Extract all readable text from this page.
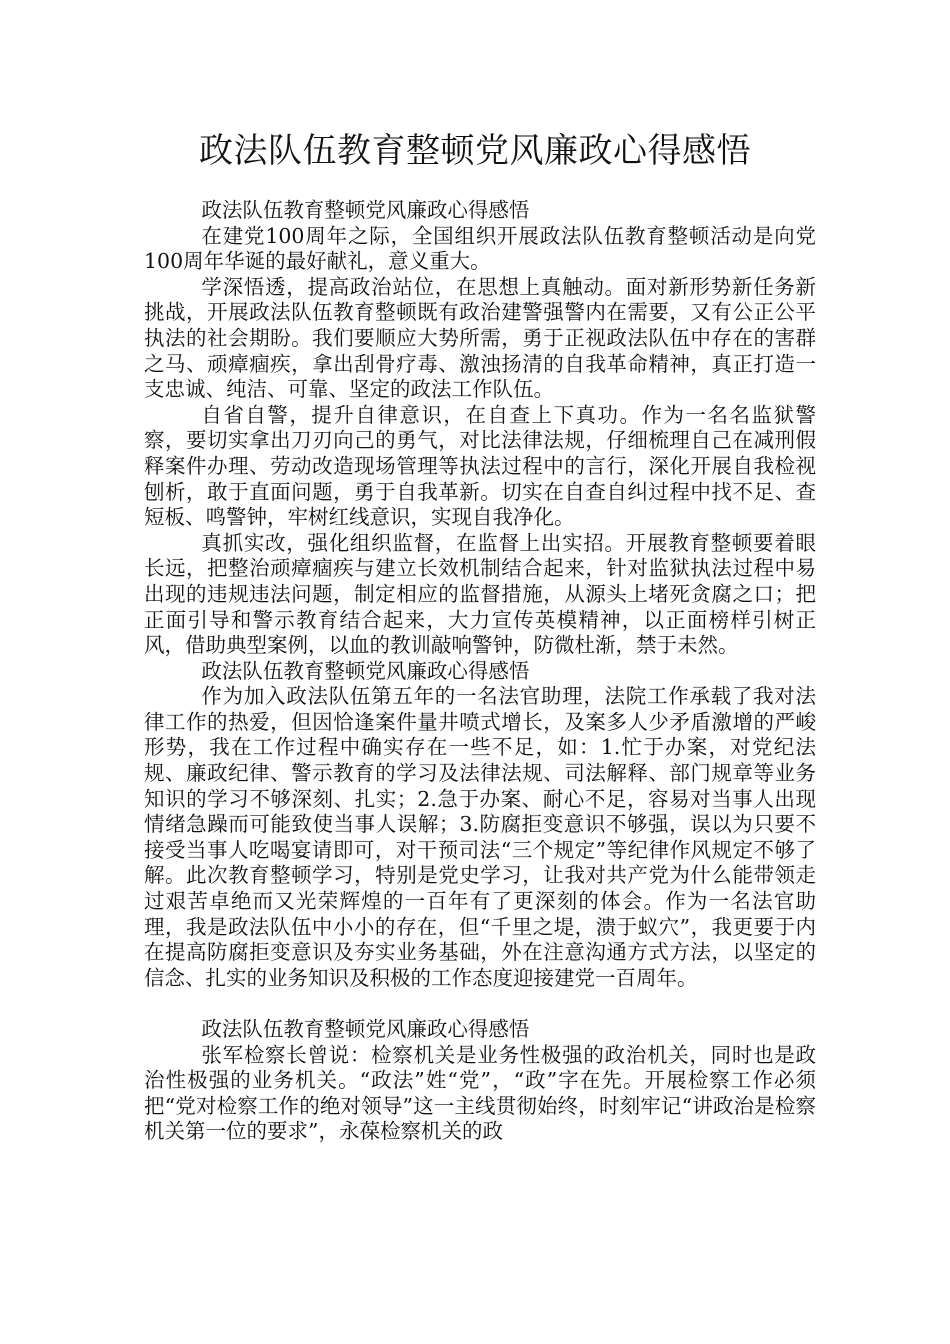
政法队伍教育整顿党风廉政心得感悟

政法队伍教育整顿党风廉政心得感悟

在建党100周年之际，全国组织开展政法队伍教育整顿活动是向党100周年华诞的最好献礼，意义重大。

学深悟透，提高政治站位，在思想上真触动。面对新形势新任务新挑战，开展政法队伍教育整顿既有政治建警强警内在需要，又有公正公平执法的社会期盼。我们要顺应大势所需，勇于正视政法队伍中存在的害群之马、顽瘴痼疾，拿出刮骨疗毒、激浊扬清的自我革命精神，真正打造一支忠诚、纯洁、可靠、坚定的政法工作队伍。

自省自警，提升自律意识，在自查上下真功。作为一名名监狱警察，要切实拿出刀刃向己的勇气，对比法律法规，仔细梳理自己在减刑假释案件办理、劳动改造现场管理等执法过程中的言行，深化开展自我检视刨析，敢于直面问题，勇于自我革新。切实在自查自纠过程中找不足、查短板、鸣警钟，牢树红线意识，实现自我净化。

真抓实改，强化组织监督，在监督上出实招。开展教育整顿要着眼长远，把整治顽瘴痼疾与建立长效机制结合起来，针对监狱执法过程中易出现的违规违法问题，制定相应的监督措施，从源头上堵死贪腐之口；把正面引导和警示教育结合起来，大力宣传英模精神，以正面榜样引树正风，借助典型案例，以血的教训敲响警钟，防微杜渐，禁于未然。

政法队伍教育整顿党风廉政心得感悟

作为加入政法队伍第五年的一名法官助理，法院工作承载了我对法律工作的热爱，但因恰逢案件量井喷式增长，及案多人少矛盾激增的严峻形势，我在工作过程中确实存在一些不足，如：1.忙于办案，对党纪法规、廉政纪律、警示教育的学习及法律法规、司法解释、部门规章等业务知识的学习不够深刻、扎实；2.急于办案、耐心不足，容易对当事人出现情绪急躁而可能致使当事人误解；3.防腐拒变意识不够强，误以为只要不接受当事人吃喝宴请即可，对干预司法“三个规定”等纪律作风规定不够了解。此次教育整顿学习，特别是党史学习，让我对共产党为什么能带领走过艰苦卓绝而又光荣辉煌的一百年有了更深刻的体会。作为一名法官助理，我是政法队伍中小小的存在，但“千里之堤，溃于蚁穴”，我更要于内在提高防腐拒变意识及夯实业务基础，外在注意沟通方式方法，以坚定的信念、扎实的业务知识及积极的工作态度迎接建党一百周年。

政法队伍教育整顿党风廉政心得感悟

张军检察长曾说：检察机关是业务性极强的政治机关，同时也是政治性极强的业务机关。“政法”姓“党”，“政”字在先。开展检察工作必须把“党对检察工作的绝对领导”这一主线贯彻始终，时刻牢记“讲政治是检察机关第一位的要求”，永葆检察机关的政
